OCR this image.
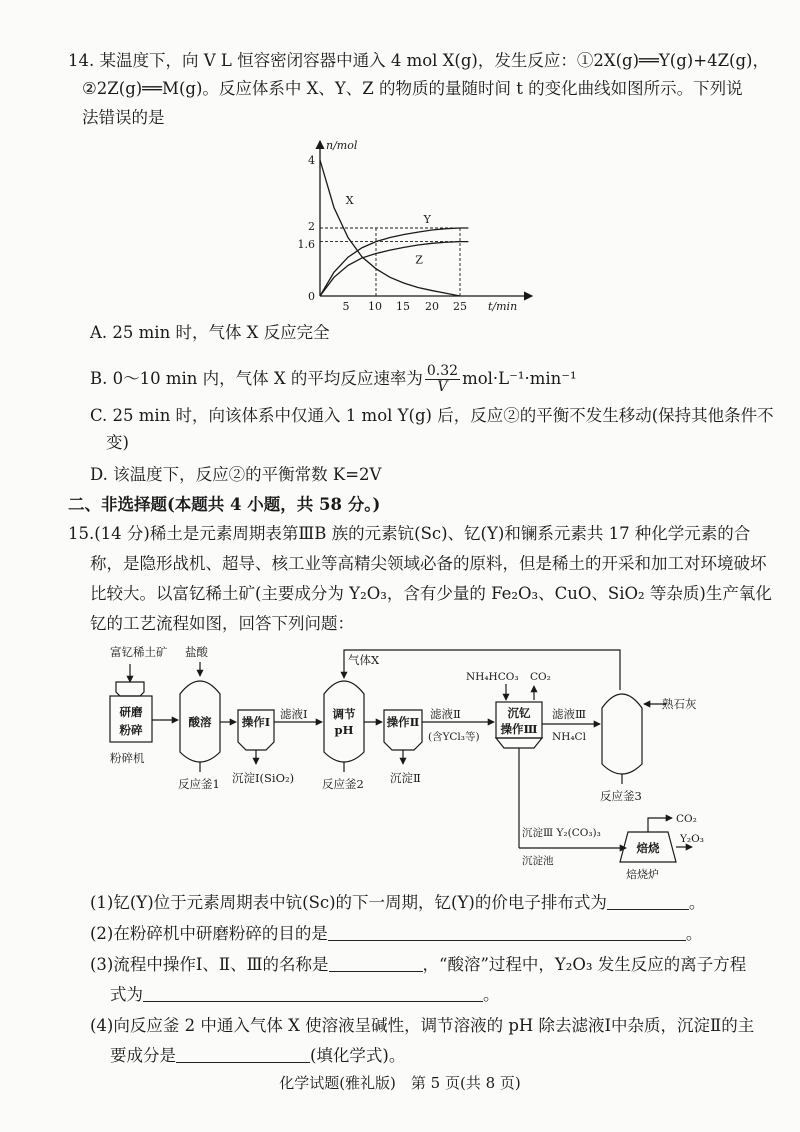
14. 某温度下，向 V L 恒容密闭容器中通入 4 mol X(g)，发生反应：①2X(g)══Y(g)+4Z(g)，
②2Z(g)══M(g)。反应体系中 X、Y、Z 的物质的量随时间 t 的变化曲线如图所示。下列说
法错误的是
n/mol
t/min
5 10 15 20 25
4
2
1.6
0
X
Y
Z
A. 25 min 时，气体 X 反应完全
B. 0～10 min 内，气体 X 的平均反应速率为 $\frac{0.32}{V} mol\cdot L^{-1}\cdot\min^{-1}$
C. 25 min 时，向该体系中仅通入 1 mol Y(g) 后，反应②的平衡不发生移动(保持其他条件不
变)
D. 该温度下，反应②的平衡常数 K=2V
二、非选择题(本题共 4 小题，共 58 分。)
15.(14 分)稀土是元素周期表第ⅢB 族的元素钪(Sc)、钇(Y)和镧系元素共 17 种化学元素的合
称，是隐形战机、超导、核工业等高精尖领域必备的原料，但是稀土的开采和加工对环境破坏
比较大。以富钇稀土矿(主要成分为 Y₂O₃，含有少量的 Fe₂O₃、CuO、SiO₂ 等杂质)生产氧化
钇的工艺流程如图，回答下列问题：
富钇稀土矿
研磨
粉碎
粉碎机
盐酸
酸溶
反应釜1
操作Ⅰ
沉淀Ⅰ(SiO₂)
滤液Ⅰ 调节
pH
反应釜2
气体X
操作Ⅱ
沉淀Ⅱ
滤液Ⅱ
(含YCl₃等)
NH₄HCO₃ CO₂
沉钇
操作Ⅲ
滤液Ⅲ
NH₄Cl
熟石灰
反应釜3
沉淀Ⅲ Y₂(CO₃)₃
沉淀池
焙烧
焙烧炉
CO₂
Y₂O₃
(1)钇(Y)位于元素周期表中钪(Sc)的下一周期，钇(Y)的价电子排布式为	。
(2)在粉碎机中研磨粉碎的目的是	。
(3)流程中操作Ⅰ、Ⅱ、Ⅲ的名称是	，“酸溶”过程中，Y₂O₃ 发生反应的离子方程
式为	。
(4)向反应釜 2 中通入气体 X 使溶液呈碱性，调节溶液的 pH 除去滤液Ⅰ中杂质，沉淀Ⅱ的主
要成分是	(填化学式)。
化学试题(雅礼版)　第 5 页(共 8 页)
